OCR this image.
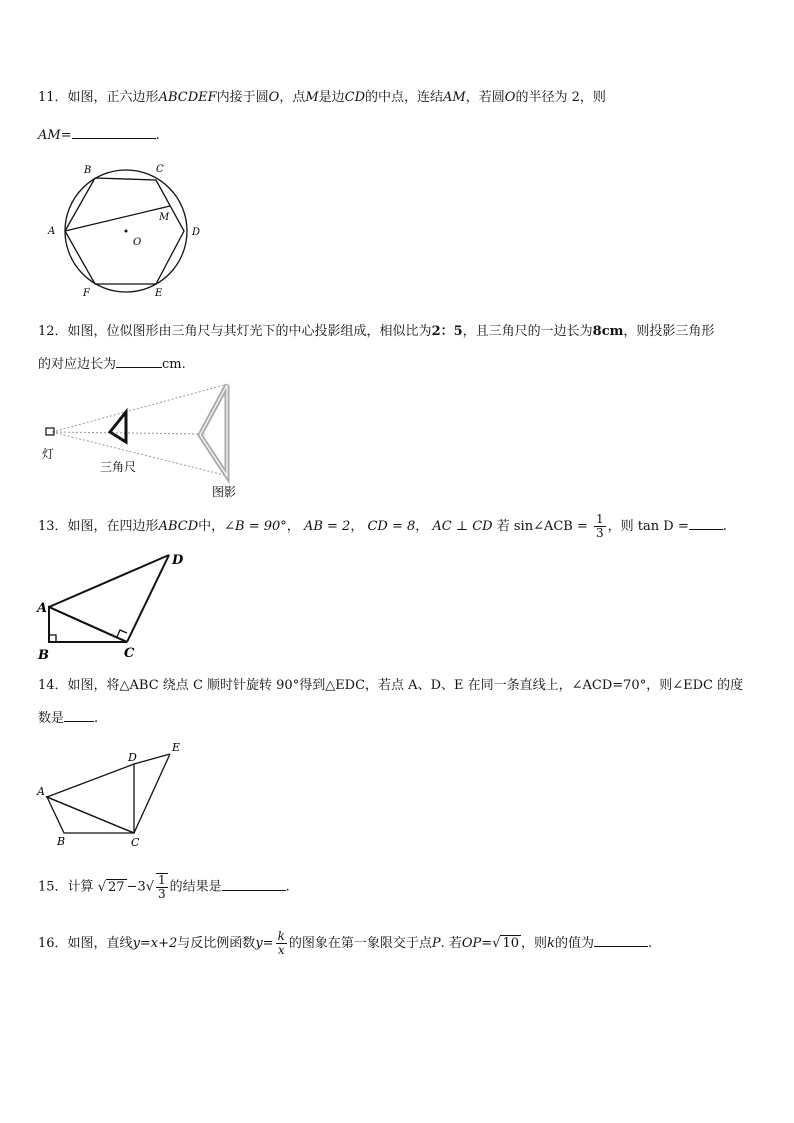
11．如图，正六边形ABCDEF内接于圆O，点M是边CD的中点，连结AM，若圆O的半径为 2，则
AM=	.
A
B	C
D
E
F
M
O
12．如图，位似图形由三角尺与其灯光下的中心投影组成，相似比为2：5，且三角尺的一边长为8cm，则投影三角形
的对应边长为	cm.
灯
三角尺
图影
13．如图，在四边形ABCD中，∠B = 90°， AB = 2， CD = 8， AC ⊥ CD 若 sin∠ACB = $\frac{1}{3}$ ，则 tan D =	.
A
B	C
D
14．如图，将△ABC 绕点 C 顺时针旋转 90°得到△EDC，若点 A、D、E 在同一条直线上，∠ACD=70°，则∠EDC 的度
数是 .
A
B	C
D
E
15．计算 √ $27 -3√ \frac{1}{3}$ 的结果是	.
16．如图，直线y=x+2与反比例函数$y= \frac{k}{x}$ 的图象在第一象限交于点P. 若OP=√ 10 ，则k的值为	.
